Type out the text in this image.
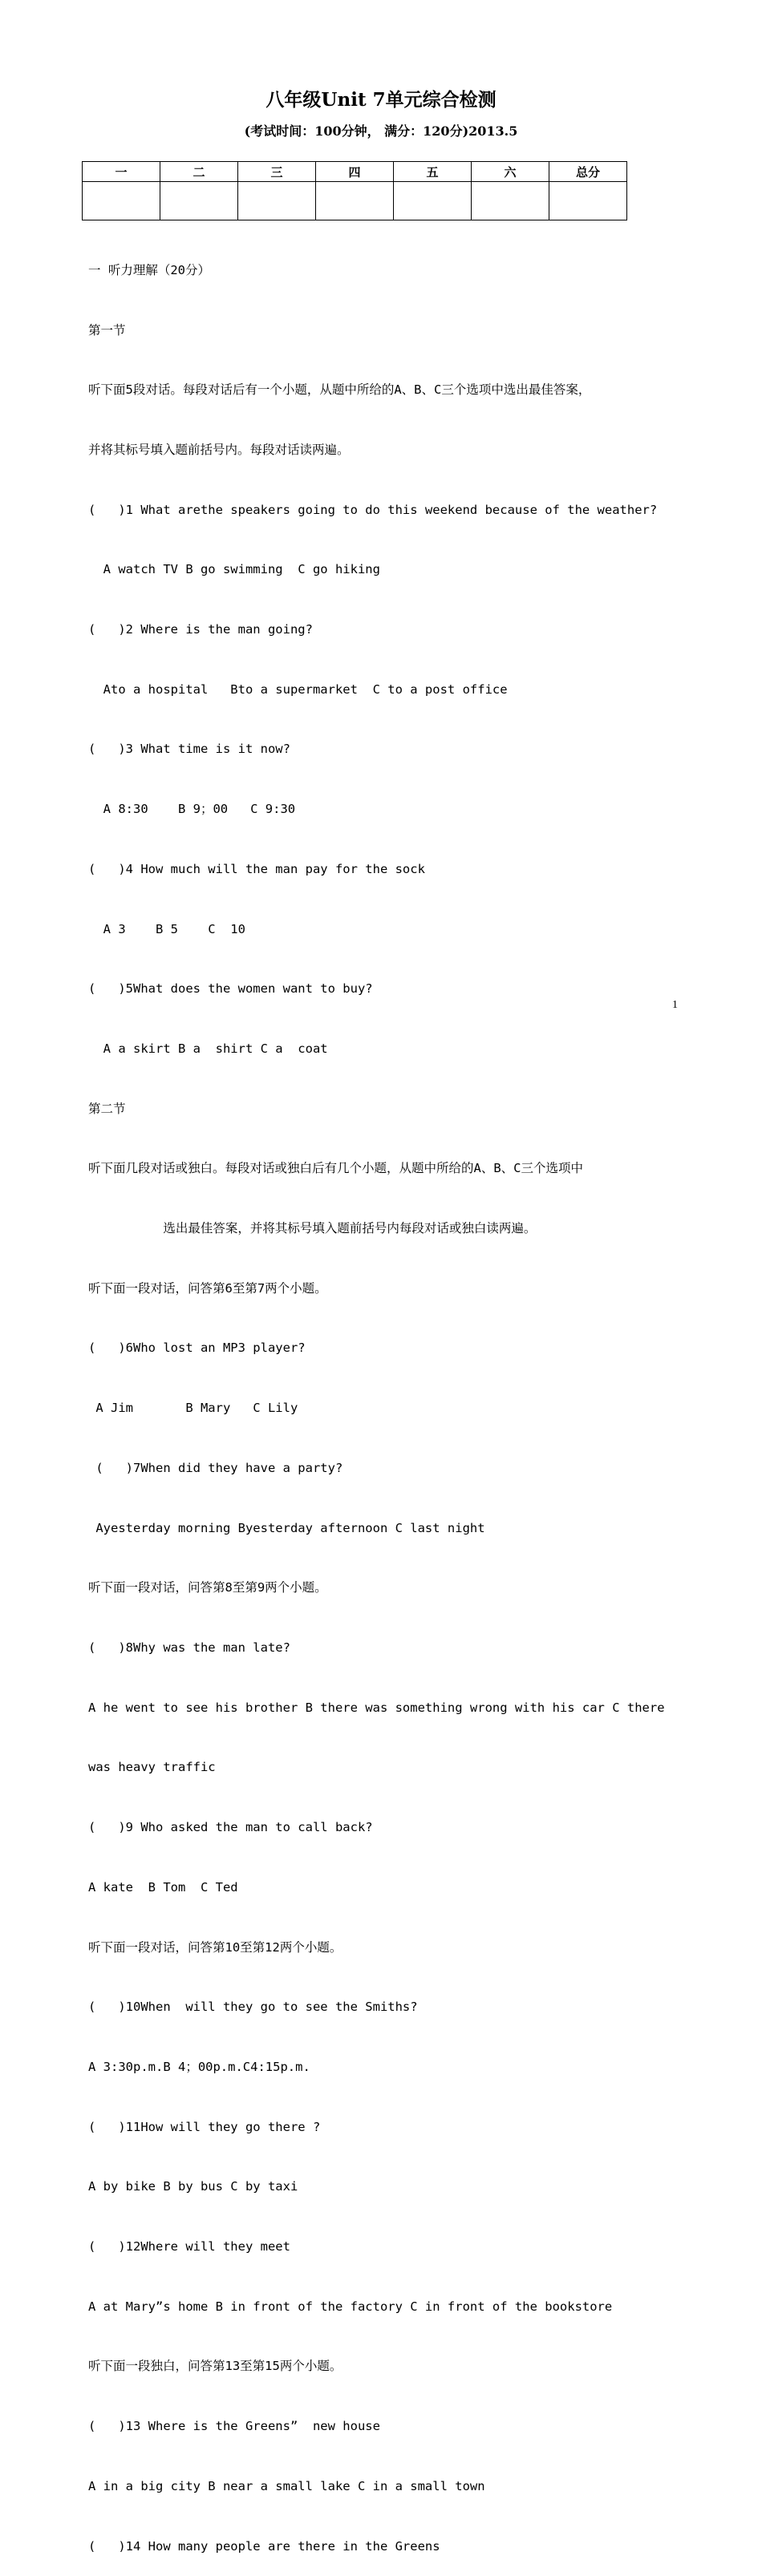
八年级Unit 7单元综合检测
(考试时间：100分钟， 满分：120分)2013.5
一	二	三	四	五	六	总分

一 听力理解（20分）

第一节

听下面5段对话。每段对话后有一个小题，从题中所给的A、B、C三个选项中选出最佳答案，

并将其标号填入题前括号内。每段对话读两遍。

(   )1 What arethe speakers going to do this weekend because of the weather?

A watch TV B go swimming  C go hiking

(   )2 Where is the man going?

Ato a hospital   Bto a supermarket  C to a post office

(   )3 What time is it now?

A 8:30    B 9；00   C 9:30

(   )4 How much will the man pay for the sock

A 3    B 5    C  10

(   )5What does the women want to buy?

A a skirt B a  shirt C a  coat

第二节

听下面几段对话或独白。每段对话或独白后有几个小题，从题中所给的A、B、C三个选项中

选出最佳答案，并将其标号填入题前括号内每段对话或独白读两遍。

听下面一段对话，问答第6至第7两个小题。

(   )6Who lost an MP3 player?

A Jim       B Mary   C Lily

(   )7When did they have a party?

Ayesterday morning Byesterday afternoon C last night

听下面一段对话，问答第8至第9两个小题。

(   )8Why was the man late?

A he went to see his brother B there was something wrong with his car C there

was heavy traffic

(   )9 Who asked the man to call back?

A kate  B Tom  C Ted

听下面一段对话，问答第10至第12两个小题。

(   )10When  will they go to see the Smiths?

A 3:30p.m.B 4；00p.m.C4:15p.m.

(   )11How will they go there ?

A by bike B by bus C by taxi

(   )12Where will they meet

A at Mary”s home B in front of the factory C in front of the bookstore

听下面一段独白，问答第13至第15两个小题。

(   )13 Where is the Greens”  new house

A in a big city B near a small lake C in a small town

(   )14 How many people are there in the Greens

1
